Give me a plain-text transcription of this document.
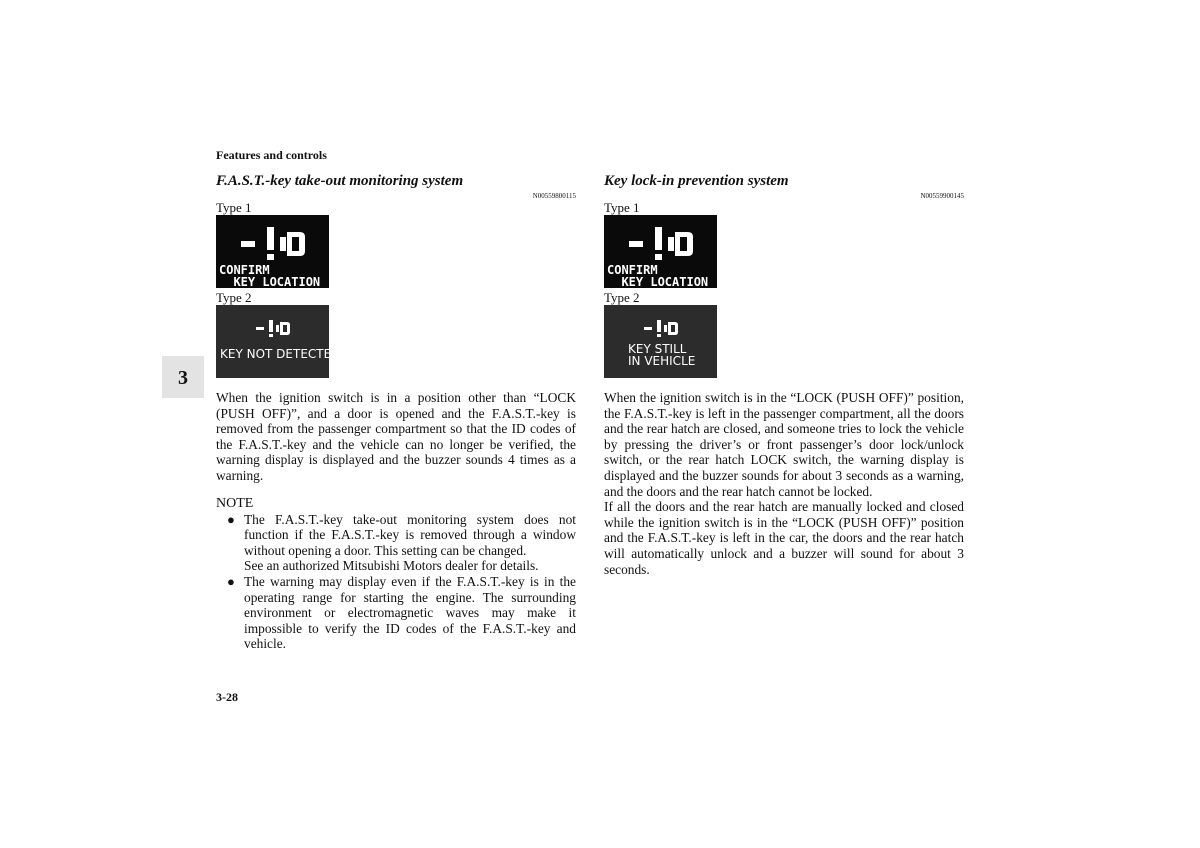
Features and controls
3
F.A.S.T.-key take-out monitoring system
N00559800115
Type 1
CONFIRM
KEY LOCATION
Type 2
KEY NOT DETECTED
When the ignition switch is in a position other than “LOCK (PUSH OFF)”, and a door is opened and the F.A.S.T.-key is removed from the passenger compartment so that the ID codes of the F.A.S.T.-key and the vehicle can no longer be verified, the warning display is displayed and the buzzer sounds 4 times as a warning.
NOTE
● The F.A.S.T.-key take-out monitoring system does not function if the F.A.S.T.-key is removed through a window without opening a door. This setting can be changed.
See an authorized Mitsubishi Motors dealer for details.
● The warning may display even if the F.A.S.T.-key is in the operating range for starting the engine. The surrounding environment or electromagnetic waves may make it impossible to verify the ID codes of the F.A.S.T.-key and vehicle.
Key lock-in prevention system
N00559900145
Type 1
CONFIRM
KEY LOCATION
Type 2
KEY STILL
IN VEHICLE
When the ignition switch is in the “LOCK (PUSH OFF)” position, the F.A.S.T.-key is left in the passenger compartment, all the doors and the rear hatch are closed, and someone tries to lock the vehicle by pressing the driver’s or front passenger’s door lock/unlock switch, or the rear hatch LOCK switch, the warning display is displayed and the buzzer sounds for about 3 seconds as a warning, and the doors and the rear hatch cannot be locked.
If all the doors and the rear hatch are manually locked and closed while the ignition switch is in the “LOCK (PUSH OFF)” position and the F.A.S.T.-key is left in the car, the doors and the rear hatch will automatically unlock and a buzzer will sound for about 3 seconds.
3-28
